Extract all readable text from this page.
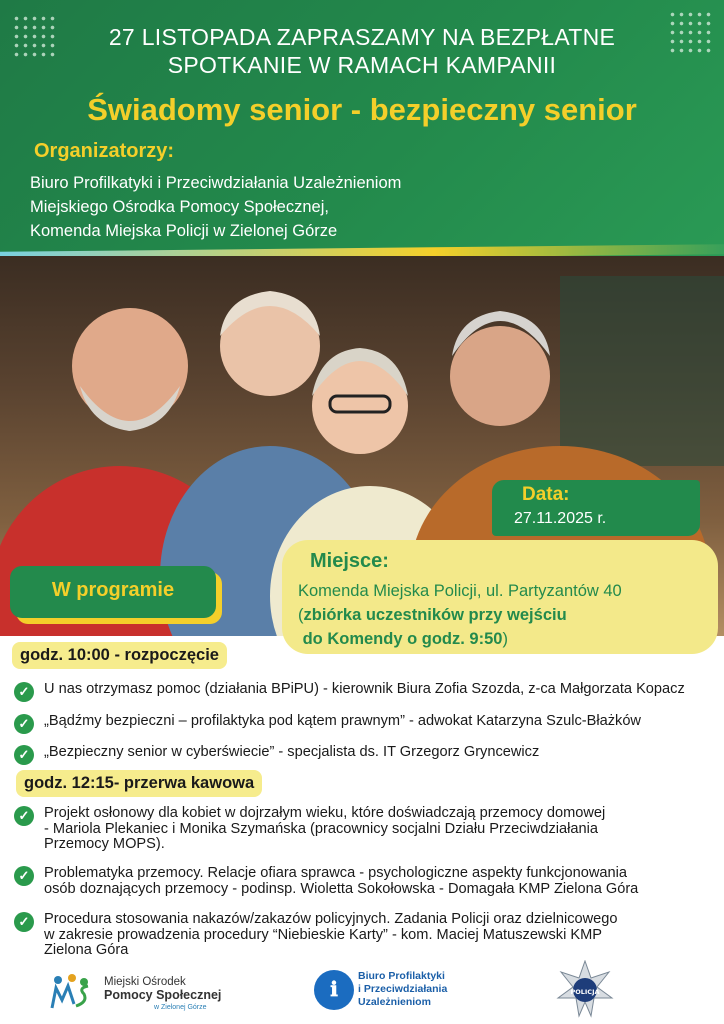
27 LISTOPADA ZAPRASZAMY NA BEZPŁATNE
SPOTKANIE W RAMACH KAMPANII
Świadomy senior - bezpieczny senior
Organizatorzy:
Biuro Profilkatyki i Przeciwdziałania Uzależnieniom
Miejskiego Ośrodka Pomocy Społecznej,
Komenda Miejska Policji w Zielonej Górze
Data:
27.11.2025 r.
Miejsce:
Komenda Miejska Policji, ul. Partyzantów 40
(zbiórka uczestników przy wejściu
do Komendy o godz. 9:50)
W programie
godz. 10:00 - rozpoczęcie
✓ U nas otrzymasz pomoc (działania BPiPU) - kierownik Biura Zofia Szozda, z-ca Małgorzata Kopacz
✓ „Bądźmy bezpieczni – profilaktyka pod kątem prawnym” - adwokat Katarzyna Szulc-Błażków
✓ „Bezpieczny senior w cyberświecie” - specjalista ds. IT Grzegorz Gryncewicz
godz. 12:15- przerwa kawowa
✓ Projekt osłonowy dla kobiet w dojrzałym wieku, które doświadczają przemocy domowej
- Mariola Plekaniec i Monika Szymańska (pracownicy socjalni Działu Przeciwdziałania
Przemocy MOPS).
✓ Problematyka przemocy. Relacje ofiara sprawca - psychologiczne aspekty funkcjonowania
osób doznających przemocy - podinsp. Wioletta Sokołowska - Domagała KMP Zielona Góra
✓ Procedura stosowania nakazów/zakazów policyjnych. Zadania Policji oraz dzielnicowego
w zakresie prowadzenia procedury “Niebieskie Karty” - kom. Maciej Matuszewski KMP
Zielona Góra
Miejski Ośrodek
Pomocy Społecznej
w Zielonej Górze
ℹ
Biuro Profilaktyki
i Przeciwdziałania
Uzależnieniom
POLICJA
